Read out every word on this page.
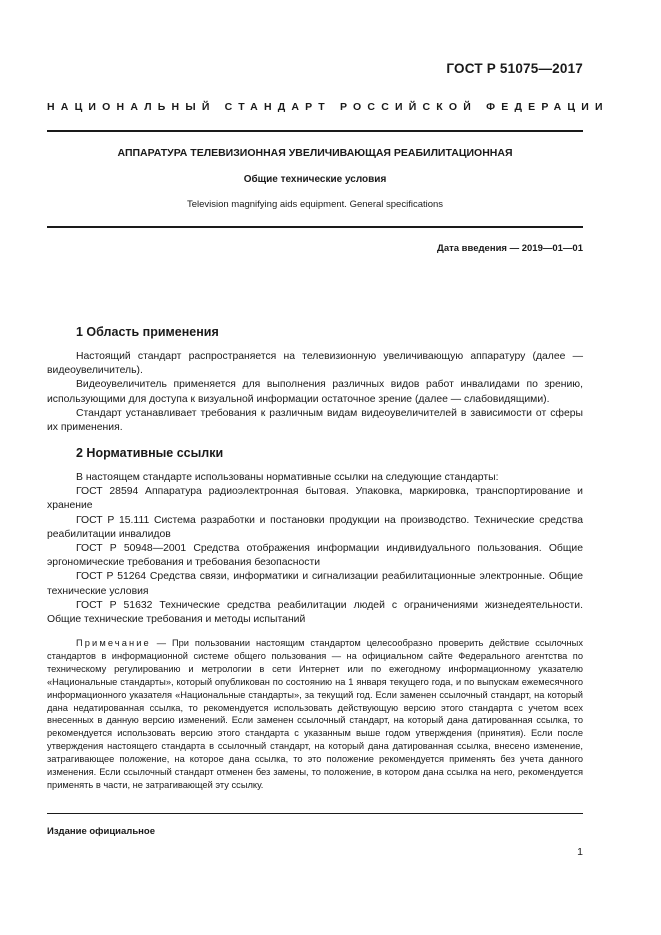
ГОСТ Р 51075—2017
НАЦИОНАЛЬНЫЙ СТАНДАРТ РОССИЙСКОЙ ФЕДЕРАЦИИ
АППАРАТУРА ТЕЛЕВИЗИОННАЯ УВЕЛИЧИВАЮЩАЯ РЕАБИЛИТАЦИОННАЯ
Общие технические условия
Television magnifying aids equipment. General specifications
Дата введения — 2019—01—01
1 Область применения

Настоящий стандарт распространяется на телевизионную увеличивающую аппаратуру (далее — видеоувеличитель).

Видеоувеличитель применяется для выполнения различных видов работ инвалидами по зрению, использующими для доступа к визуальной информации остаточное зрение (далее — слабовидящими).

Стандарт устанавливает требования к различным видам видеоувеличителей в зависимости от сферы их применения.

2 Нормативные ссылки

В настоящем стандарте использованы нормативные ссылки на следующие стандарты:

ГОСТ 28594 Аппаратура радиоэлектронная бытовая. Упаковка, маркировка, транспортирование и хранение

ГОСТ Р 15.111 Система разработки и постановки продукции на производство. Технические средства реабилитации инвалидов

ГОСТ Р 50948—2001 Средства отображения информации индивидуального пользования. Общие эргономические требования и требования безопасности

ГОСТ Р 51264 Средства связи, информатики и сигнализации реабилитационные электронные. Общие технические условия

ГОСТ Р 51632 Технические средства реабилитации людей с ограничениями жизнедеятельности. Общие технические требования и методы испытаний

Примечание — При пользовании настоящим стандартом целесообразно проверить действие ссылочных стандартов в информационной системе общего пользования — на официальном сайте Федерального агентства по техническому регулированию и метрологии в сети Интернет или по ежегодному информационному указателю «Национальные стандарты», который опубликован по состоянию на 1 января текущего года, и по выпускам ежемесячного информационного указателя «Национальные стандарты», за текущий год. Если заменен ссылочный стандарт, на который дана недатированная ссылка, то рекомендуется использовать действующую версию этого стандарта с учетом всех внесенных в данную версию изменений. Если заменен ссылочный стандарт, на который дана датированная ссылка, то рекомендуется использовать версию этого стандарта с указанным выше годом утверждения (принятия). Если после утверждения настоящего стандарта в ссылочный стандарт, на который дана датированная ссылка, внесено изменение, затрагивающее положение, на которое дана ссылка, то это положение рекомендуется применять без учета данного изменения. Если ссылочный стандарт отменен без замены, то положение, в котором дана ссылка на него, рекомендуется применять в части, не затрагивающей эту ссылку.
Издание официальное
1
